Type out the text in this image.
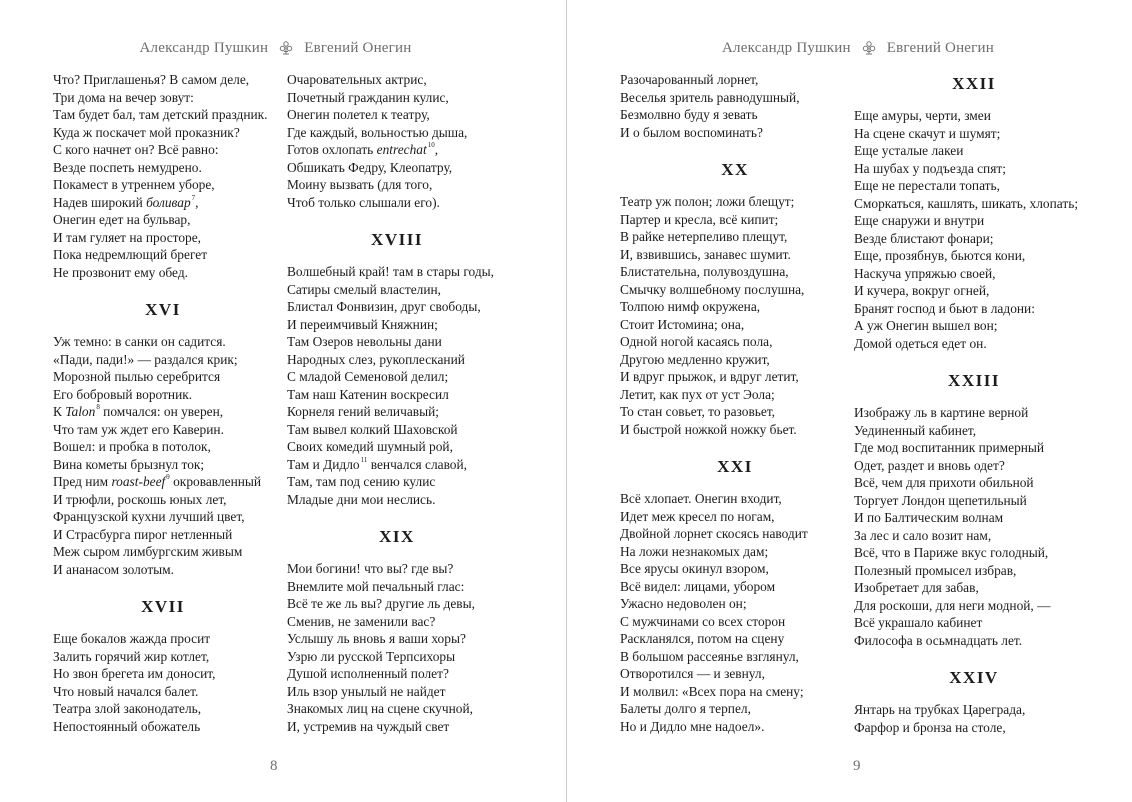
Александр Пушкин Евгений Онегин
Что? Приглашенья? В самом деле,
Три дома на вечер зовут:
Там будет бал, там детский праздник.
Куда ж поскачет мой проказник?
С кого начнет он? Всё равно:
Везде поспеть немудрено.
Покамест в утреннем уборе,
Надев широкий боливар$^7$,
Онегин едет на бульвар,
И там гуляет на просторе,
Пока недремлющий брегет
Не прозвонит ему обед.
XVI
Уж темно: в санки он садится.
«Пади, пади!» — раздался крик;
Морозной пылью серебрится
Его бобровый воротник.
К Talon$^8$ помчался: он уверен,
Что там уж ждет его Каверин.
Вошел: и пробка в потолок,
Вина кометы брызнул ток;
Пред ним roast-beef$^9$ окровавленный
И трюфли, роскошь юных лет,
Французской кухни лучший цвет,
И Страсбурга пирог нетленный
Меж сыром лимбургским живым
И ананасом золотым.
XVII
Еще бокалов жажда просит
Залить горячий жир котлет,
Но звон брегета им доносит,
Что новый начался балет.
Театра злой законодатель,
Непостоянный обожатель
Очаровательных актрис,
Почетный гражданин кулис,
Онегин полетел к театру,
Где каждый, вольностью дыша,
Готов охлопать entrechat$^{10}$,
Обшикать Федру, Клеопатру,
Моину вызвать (для того,
Чтоб только слышали его).
XVIII
Волшебный край! там в стары годы,
Сатиры смелый властелин,
Блистал Фонвизин, друг свободы,
И переимчивый Княжнин;
Там Озеров невольны дани
Народных слез, рукоплесканий
С младой Семеновой делил;
Там наш Катенин воскресил
Корнеля гений величавый;
Там вывел колкий Шаховской
Своих комедий шумный рой,
Там и Дидло$^{11}$ венчался славой,
Там, там под сению кулис
Младые дни мои неслись.
XIX
Мои богини! что вы? где вы?
Внемлите мой печальный глас:
Всё те же ль вы? другие ль девы,
Сменив, не заменили вас?
Услышу ль вновь я ваши хоры?
Узрю ли русской Терпсихоры
Душой исполненный полет?
Иль взор унылый не найдет
Знакомых лиц на сцене скучной,
И, устремив на чуждый свет
8
Александр Пушкин Евгений Онегин
Разочарованный лорнет,
Веселья зритель равнодушный,
Безмолвно буду я зевать
И о былом воспоминать?
XX
Театр уж полон; ложи блещут;
Партер и кресла, всё кипит;
В райке нетерпеливо плещут,
И, взвившись, занавес шумит.
Блистательна, полувоздушна,
Смычку волшебному послушна,
Толпою нимф окружена,
Стоит Истомина; она,
Одной ногой касаясь пола,
Другою медленно кружит,
И вдруг прыжок, и вдруг летит,
Летит, как пух от уст Эола;
То стан совьет, то разовьет,
И быстрой ножкой ножку бьет.
XXI
Всё хлопает. Онегин входит,
Идет меж кресел по ногам,
Двойной лорнет скосясь наводит
На ложи незнакомых дам;
Все ярусы окинул взором,
Всё видел: лицами, убором
Ужасно недоволен он;
С мужчинами со всех сторон
Раскланялся, потом на сцену
В большом рассеянье взглянул,
Отворотился — и зевнул,
И молвил: «Всех пора на смену;
Балеты долго я терпел,
Но и Дидло мне надоел».
XXII
Еще амуры, черти, змеи
На сцене скачут и шумят;
Еще усталые лакеи
На шубах у подъезда спят;
Еще не перестали топать,
Сморкаться, кашлять, шикать, хлопать;
Еще снаружи и внутри
Везде блистают фонари;
Еще, прозябнув, бьются кони,
Наскуча упряжью своей,
И кучера, вокруг огней,
Бранят господ и бьют в ладони:
А уж Онегин вышел вон;
Домой одеться едет он.
XXIII
Изображу ль в картине верной
Уединенный кабинет,
Где мод воспитанник примерный
Одет, раздет и вновь одет?
Всё, чем для прихоти обильной
Торгует Лондон щепетильный
И по Балтическим волнам
За лес и сало возит нам,
Всё, что в Париже вкус голодный,
Полезный промысел избрав,
Изобретает для забав,
Для роскоши, для неги модной, —
Всё украшало кабинет
Философа в осьмнадцать лет.
XXIV
Янтарь на трубках Цареграда,
Фарфор и бронза на столе,
9
